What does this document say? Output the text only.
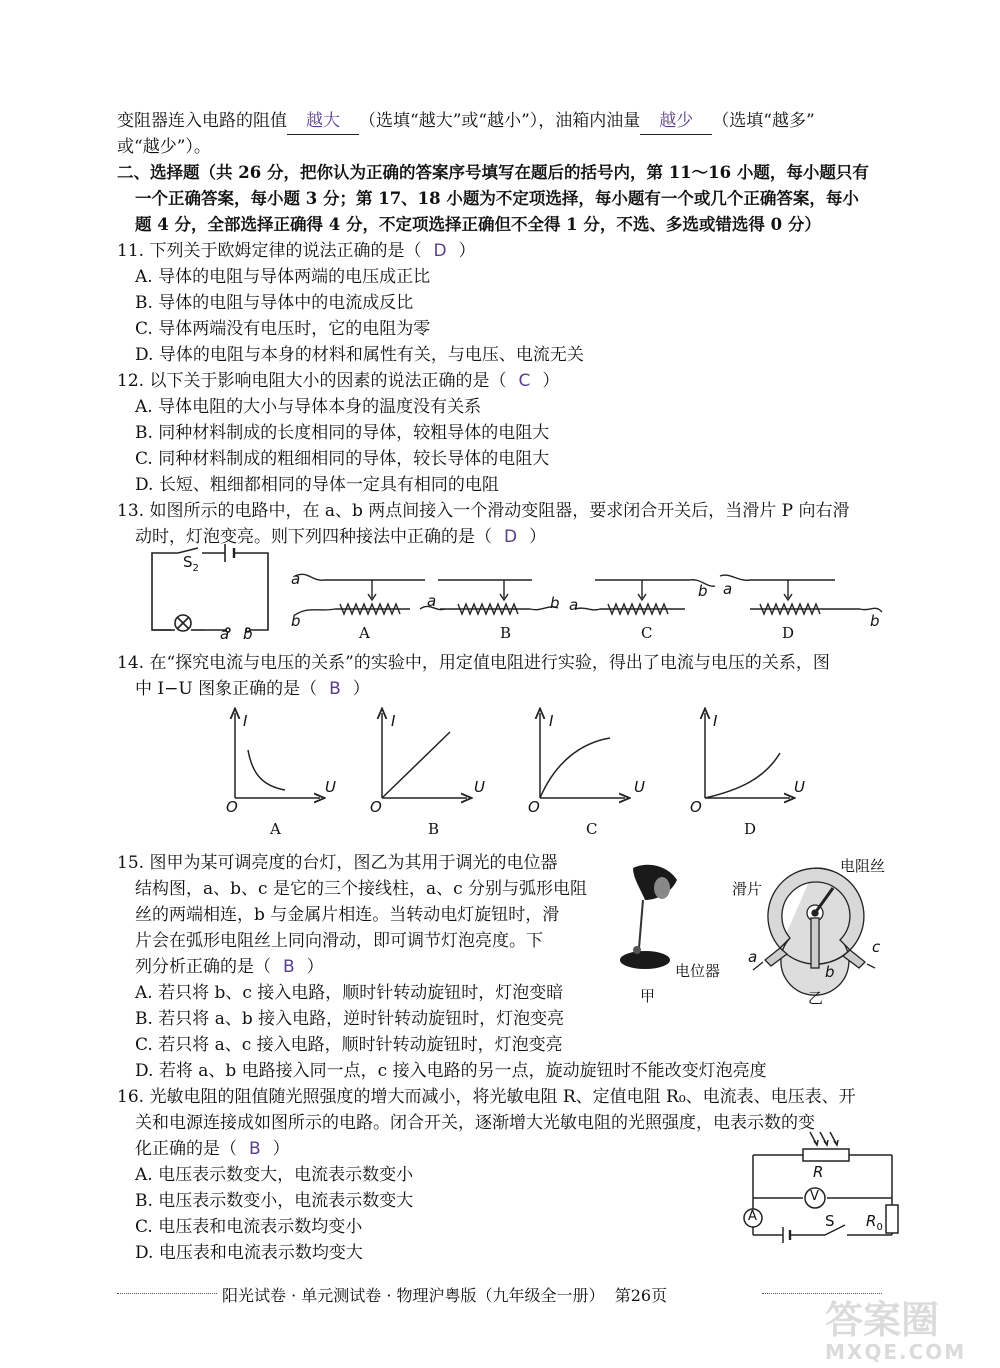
变阻器连入电路的阻值 越大 （选填“越大”或“越小”），油箱内油量 越少 （选填“越多”
或“越少”）。
二、选择题（共 26 分，把你认为正确的答案序号填写在题后的括号内，第 11～16 小题，每小题只有
一个正确答案，每小题 3 分；第 17、18 小题为不定项选择，每小题有一个或几个正确答案，每小
题 4 分，全部选择正确得 4 分，不定项选择正确但不全得 1 分，不选、多选或错选得 0 分）
11. 下列关于欧姆定律的说法正确的是（ D ）
A. 导体的电阻与导体两端的电压成正比
B. 导体的电阻与导体中的电流成反比
C. 导体两端没有电压时，它的电阻为零
D. 导体的电阻与本身的材料和属性有关，与电压、电流无关
12. 以下关于影响电阻大小的因素的说法正确的是（ C ）
A. 导体电阻的大小与导体本身的温度没有关系
B. 同种材料制成的长度相同的导体，较粗导体的电阻大
C. 同种材料制成的粗细相同的导体，较长导体的电阻大
D. 长短、粗细都相同的导体一定具有相同的电阻
13. 如图所示的电路中，在 a、b 两点间接入一个滑动变阻器，要求闭合开关后，当滑片 P 向右滑
动时，灯泡变亮。则下列四种接法中正确的是（ D ）
$S_2$
a b
a
b
a	b a
b a
b
A	B	C	D
14. 在“探究电流与电压的关系”的实验中，用定值电阻进行实验，得出了电流与电压的关系，图
中 I−U 图象正确的是（ B ）
I
U
O
I
U
O
I
U
O
I
U
O
A	B	C	D
15. 图甲为某可调亮度的台灯，图乙为其用于调光的电位器
结构图，a、b、c 是它的三个接线柱，a、c 分别与弧形电阻
丝的两端相连，b 与金属片相连。当转动电灯旋钮时，滑
片会在弧形电阻丝上同向滑动，即可调节灯泡亮度。下
列分析正确的是（ B ）
A. 若只将 b、c 接入电路，顺时针转动旋钮时，灯泡变暗
B. 若只将 a、b 接入电路，逆时针转动旋钮时，灯泡变亮
C. 若只将 a、c 接入电路，顺时针转动旋钮时，灯泡变亮
D. 若将 a、b 电路接入同一点，c 接入电路的另一点，旋动旋钮时不能改变灯泡亮度
电位器
甲
电阻丝
滑片
a
b
c
乙
16. 光敏电阻的阻值随光照强度的增大而减小，将光敏电阻 R、定值电阻 R₀、电流表、电压表、开
关和电源连接成如图所示的电路。闭合开关，逐渐增大光敏电阻的光照强度，电表示数的变
化正确的是（ B ）
A. 电压表示数变大，电流表示数变小
B. 电压表示数变小，电流表示数变大
C. 电压表和电流表示数均变小
D. 电压表和电流表示数均变大
R
V
A	S $R_0$
阳光试卷 · 单元测试卷 · 物理沪粤版（九年级全一册） 第26页
答案圈
MXQE.COM
